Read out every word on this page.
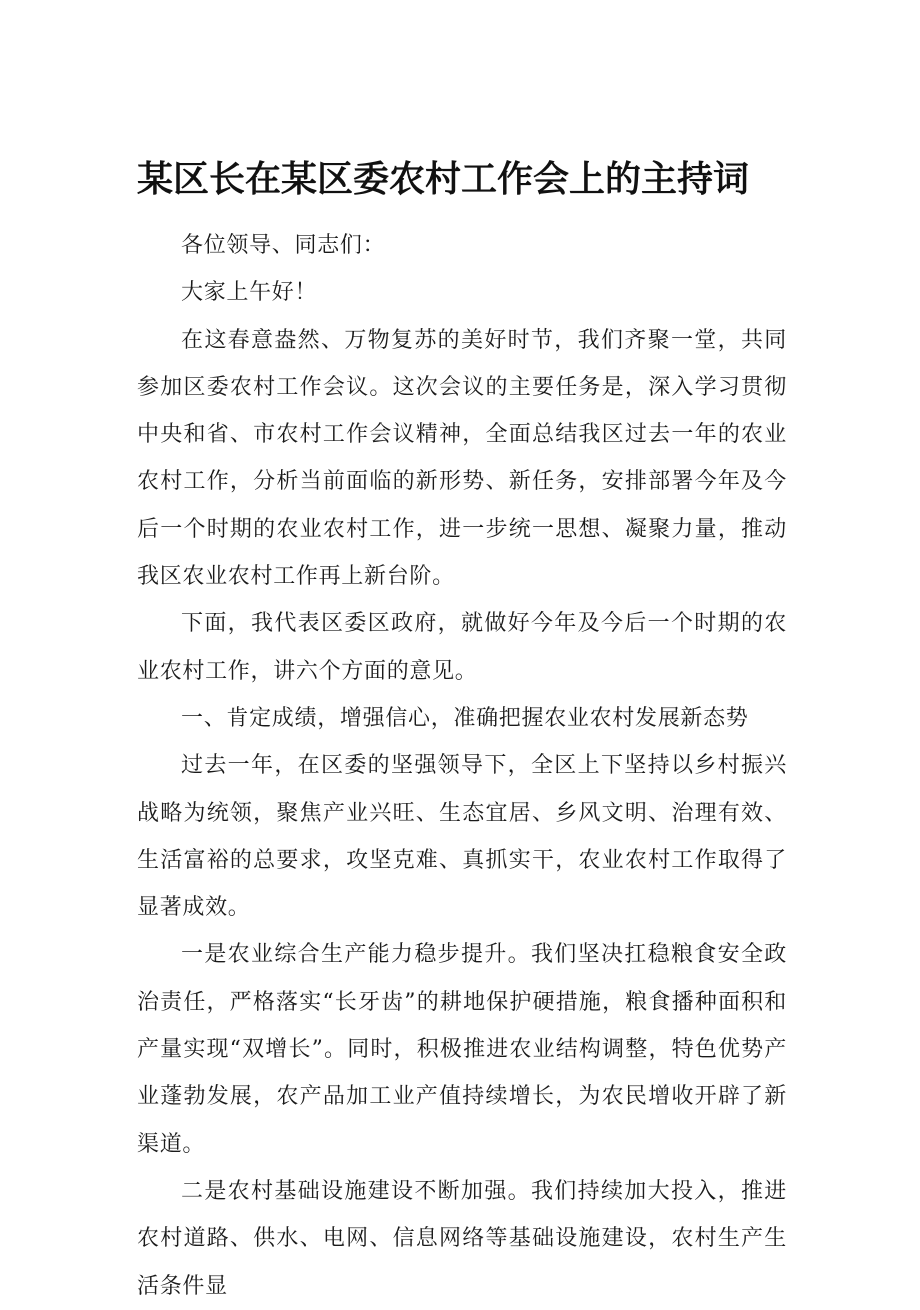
某区长在某区委农村工作会上的主持词

各位领导、同志们：

大家上午好！

在这春意盎然、万物复苏的美好时节，我们齐聚一堂，共同参加区委农村工作会议。这次会议的主要任务是，深入学习贯彻中央和省、市农村工作会议精神，全面总结我区过去一年的农业农村工作，分析当前面临的新形势、新任务，安排部署今年及今后一个时期的农业农村工作，进一步统一思想、凝聚力量，推动我区农业农村工作再上新台阶。

下面，我代表区委区政府，就做好今年及今后一个时期的农业农村工作，讲六个方面的意见。

一、肯定成绩，增强信心，准确把握农业农村发展新态势

过去一年，在区委的坚强领导下，全区上下坚持以乡村振兴战略为统领，聚焦产业兴旺、生态宜居、乡风文明、治理有效、生活富裕的总要求，攻坚克难、真抓实干，农业农村工作取得了显著成效。

一是农业综合生产能力稳步提升。我们坚决扛稳粮食安全政治责任，严格落实“长牙齿”的耕地保护硬措施，粮食播种面积和产量实现“双增长”。同时，积极推进农业结构调整，特色优势产业蓬勃发展，农产品加工业产值持续增长，为农民增收开辟了新渠道。

二是农村基础设施建设不断加强。我们持续加大投入，推进农村道路、供水、电网、信息网络等基础设施建设，农村生产生活条件显
